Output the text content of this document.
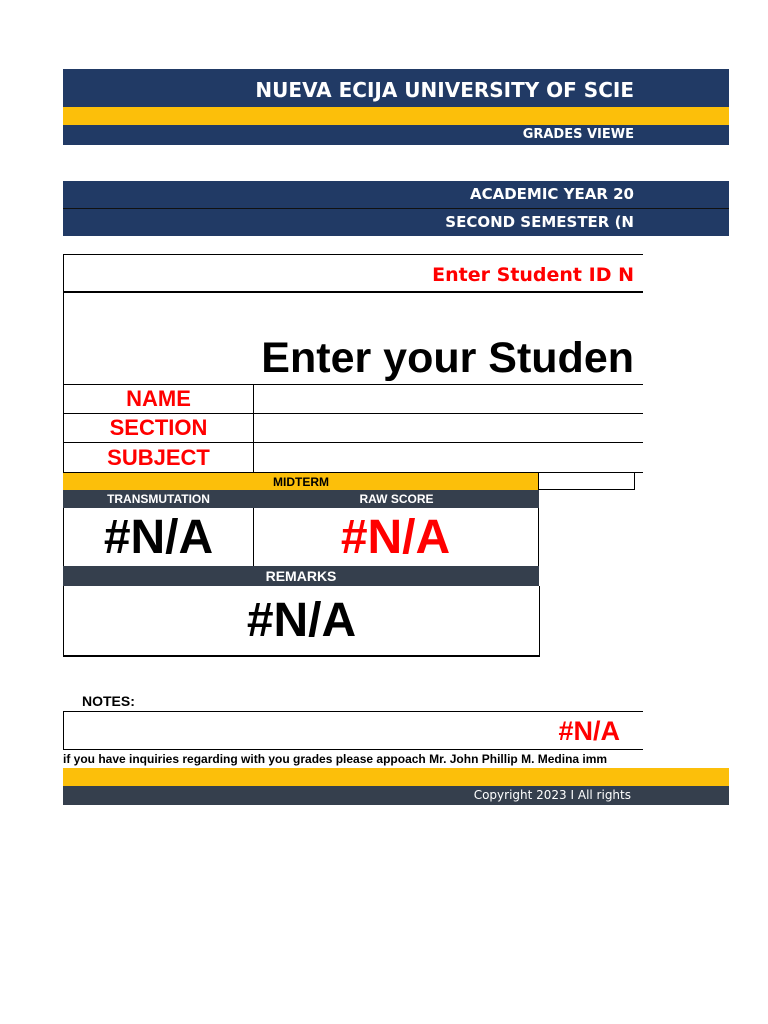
NUEVA ECIJA UNIVERSITY OF SCIE
GRADES VIEWE
ACADEMIC YEAR 20
SECOND SEMESTER (N
Enter Student ID N
Enter your Studen
NAME
SECTION
SUBJECT
MIDTERM
TRANSMUTATION	RAW SCORE
#N/A	#N/A
REMARKS
#N/A
NOTES:
#N/A
if you have inquiries regarding with you grades please appoach Mr. John Phillip M. Medina imm
Copyright 2023 I All rights
